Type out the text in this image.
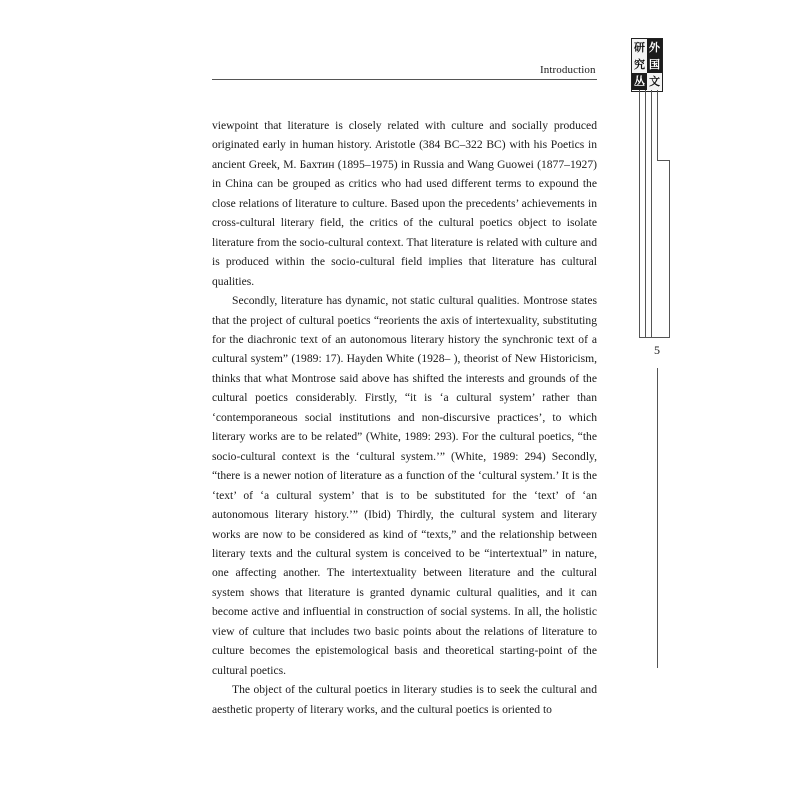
Introduction
研 外
究 国
丛 文
5

viewpoint that literature is closely related with culture and socially produced originated early in human history. Aristotle (384 BC–322 BC) with his Poetics in ancient Greek, М. Бахтин (1895–1975) in Russia and Wang Guowei (1877–1927) in China can be grouped as critics who had used different terms to expound the close relations of literature to culture. Based upon the precedents’ achievements in cross-cultural literary field, the critics of the cultural poetics object to isolate literature from the socio-cultural context. That literature is related with culture and is produced within the socio-cultural field implies that literature has cultural qualities.

Secondly, literature has dynamic, not static cultural qualities. Montrose states that the project of cultural poetics “reorients the axis of intertexuality, substituting for the diachronic text of an autonomous literary history the synchronic text of a cultural system” (1989: 17). Hayden White (1928– ), theorist of New Historicism, thinks that what Montrose said above has shifted the interests and grounds of the cultural poetics considerably. Firstly, “it is ‘a cultural system’ rather than ‘contemporaneous social institutions and non-discursive practices’, to which literary works are to be related” (White, 1989: 293). For the cultural poetics, “the socio-cultural context is the ‘cultural system.’” (White, 1989: 294) Secondly, “there is a newer notion of literature as a function of the ‘cultural system.’ It is the ‘text’ of ‘a cultural system’ that is to be substituted for the ‘text’ of ‘an autonomous literary history.’” (Ibid) Thirdly, the cultural system and literary works are now to be considered as kind of “texts,” and the relationship between literary texts and the cultural system is conceived to be “intertextual” in nature, one affecting another. The intertextuality between literature and the cultural system shows that literature is granted dynamic cultural qualities, and it can become active and influential in construction of social systems. In all, the holistic view of culture that includes two basic points about the relations of literature to culture becomes the epistemological basis and theoretical starting-point of the cultural poetics.

The object of the cultural poetics in literary studies is to seek the cultural and aesthetic property of literary works, and the cultural poetics is oriented to
